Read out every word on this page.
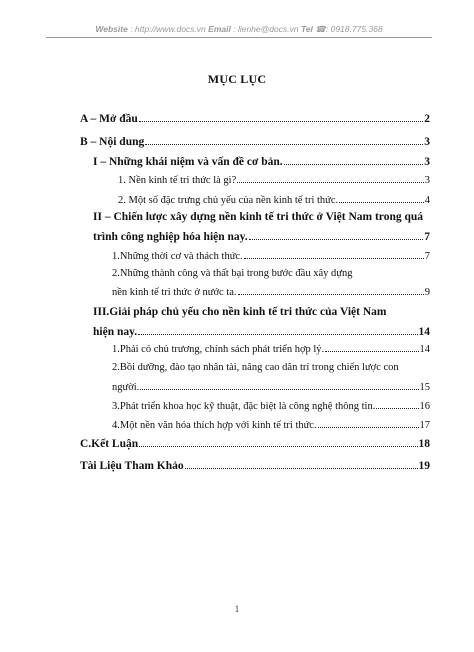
Website : http://www.docs.vn Email : lienhe@docs.vn Tel ☎: 0918.775.368
MỤC LỤC
A – Mở đầu	2
B – Nội dung	3
I – Những khái niệm và vấn đề cơ bản.	3
1. Nền kinh tế tri thức là gì?	3
2. Một số đặc trưng chủ yếu của nền kinh tế tri thức.	4
II – Chiến lược xây dựng nền kinh tế tri thức ở Việt Nam trong quá
trình công nghiệp hóa hiện nay.	7
1.Những thời cơ và thách thức.	7
2.Những thành công và thất bại trong bước đầu xây dựng
nền kinh tế tri thức ở nước ta.	9
III.Giải pháp chủ yếu cho nền kinh tế tri thức của Việt Nam
hiện nay.	14
1.Phải có chủ trương, chính sách phát triển hợp lý.	14
2.Bồi dưỡng, đào tạo nhân tài, nâng cao dân trí trong chiến lược con
người.	15
3.Phát triển khoa học kỹ thuật, đặc biệt là công nghệ thông tin.	16
4.Một nền văn hóa thích hợp với kinh tế tri thức.	17
C.Kết Luận	18
Tài Liệu Tham Khảo	19
1
